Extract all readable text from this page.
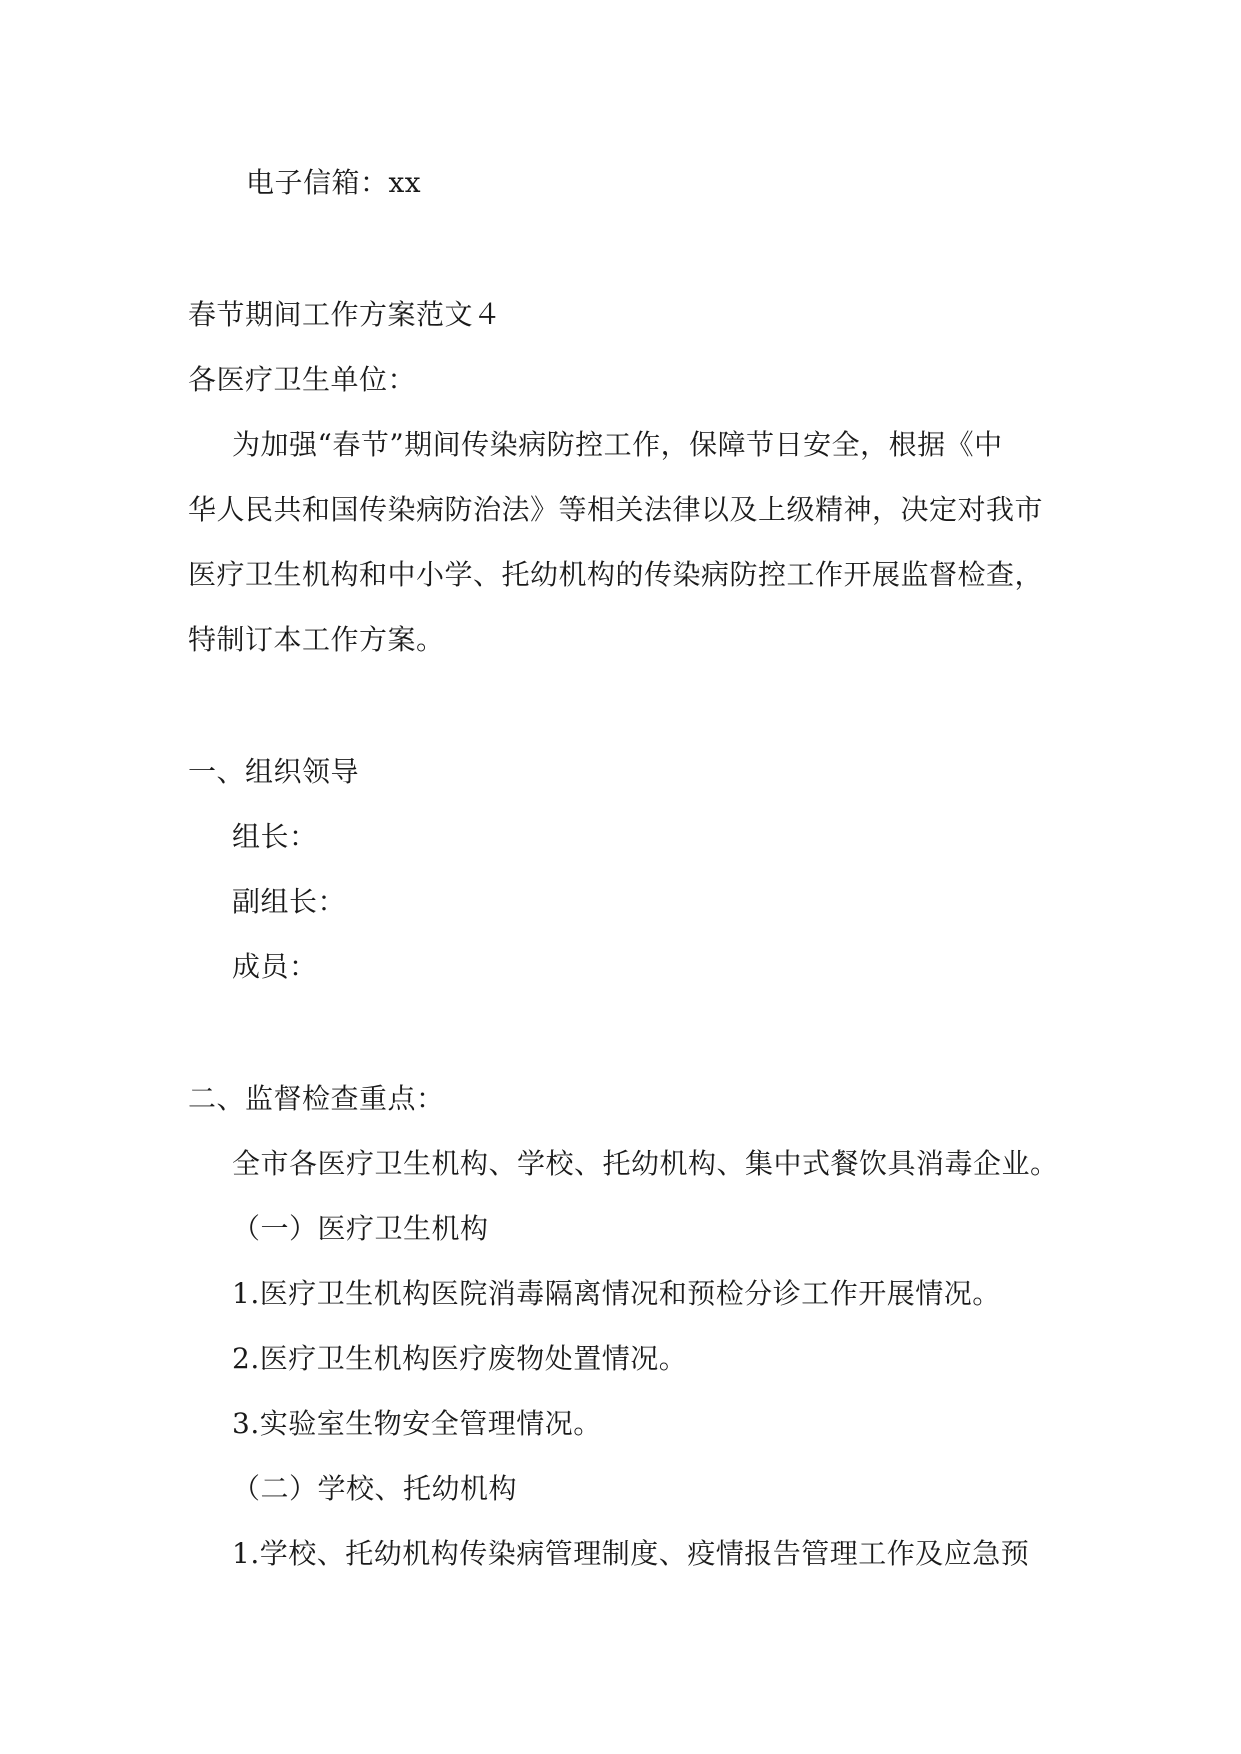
电子信箱：xx
春节期间工作方案范文４
各医疗卫生单位：
为加强“春节”期间传染病防控工作，保障节日安全，根据《中
华人民共和国传染病防治法》等相关法律以及上级精神，决定对我市
医疗卫生机构和中小学、托幼机构的传染病防控工作开展监督检查，
特制订本工作方案。
一、组织领导
组长：
副组长：
成员：
二、监督检查重点：
全市各医疗卫生机构、学校、托幼机构、集中式餐饮具消毒企业。
（一）医疗卫生机构
1.医疗卫生机构医院消毒隔离情况和预检分诊工作开展情况。
2.医疗卫生机构医疗废物处置情况。
3.实验室生物安全管理情况。
（二）学校、托幼机构
1.学校、托幼机构传染病管理制度、疫情报告管理工作及应急预
